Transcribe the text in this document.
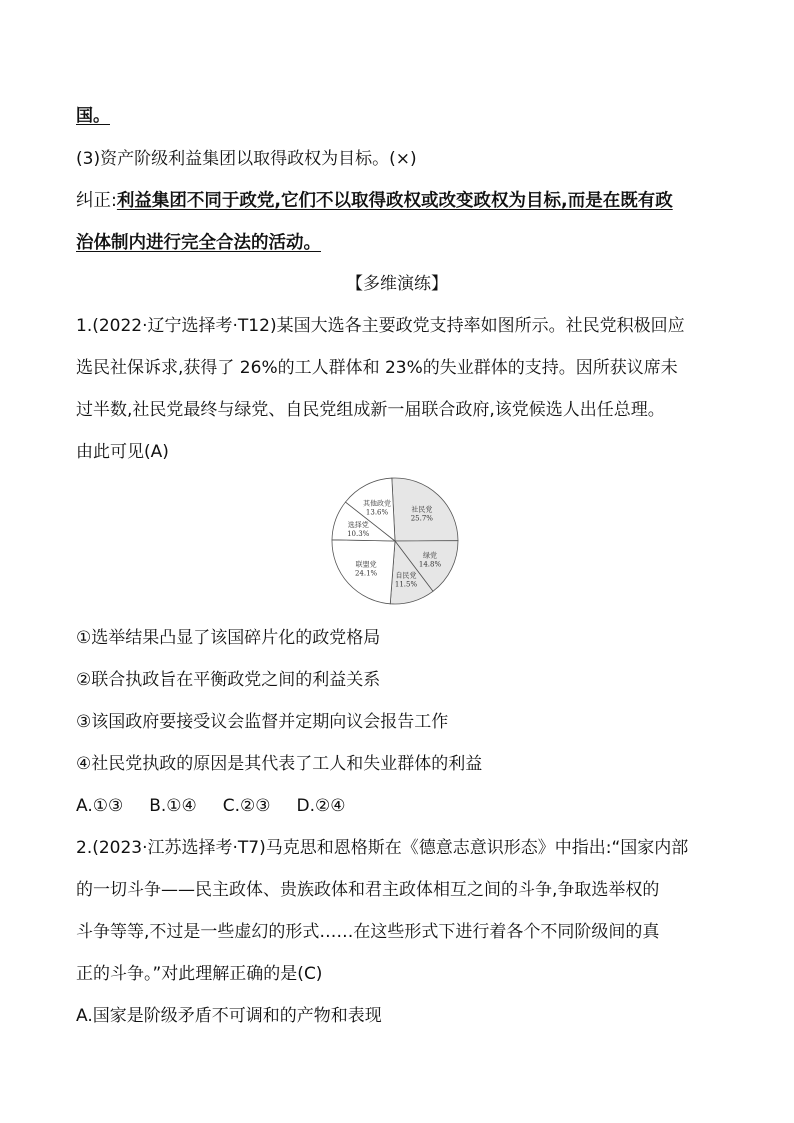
国。
(3)资产阶级利益集团以取得政权为目标。(×)
纠正:利益集团不同于政党,它们不以取得政权或改变政权为目标,而是在既有政
治体制内进行完全合法的活动。
【多维演练】
1.(2022·辽宁选择考·T12)某国大选各主要政党支持率如图所示。社民党积极回应
选民社保诉求,获得了 26%的工人群体和 23%的失业群体的支持。因所获议席未
过半数,社民党最终与绿党、自民党组成新一届联合政府,该党候选人出任总理。
由此可见(A)
社民党
25.7%
绿党
14.8%
自民党
11.5%
联盟党
24.1%
选择党
10.3%
其他政党
13.6%
①选举结果凸显了该国碎片化的政党格局
②联合执政旨在平衡政党之间的利益关系
③该国政府要接受议会监督并定期向议会报告工作
④社民党执政的原因是其代表了工人和失业群体的利益
A.①③ B.①④ C.②③ D.②④
2.(2023·江苏选择考·T7)马克思和恩格斯在《德意志意识形态》中指出:“国家内部
的一切斗争——民主政体、贵族政体和君主政体相互之间的斗争,争取选举权的
斗争等等,不过是一些虚幻的形式……在这些形式下进行着各个不同阶级间的真
正的斗争。”对此理解正确的是(C)
A.国家是阶级矛盾不可调和的产物和表现
